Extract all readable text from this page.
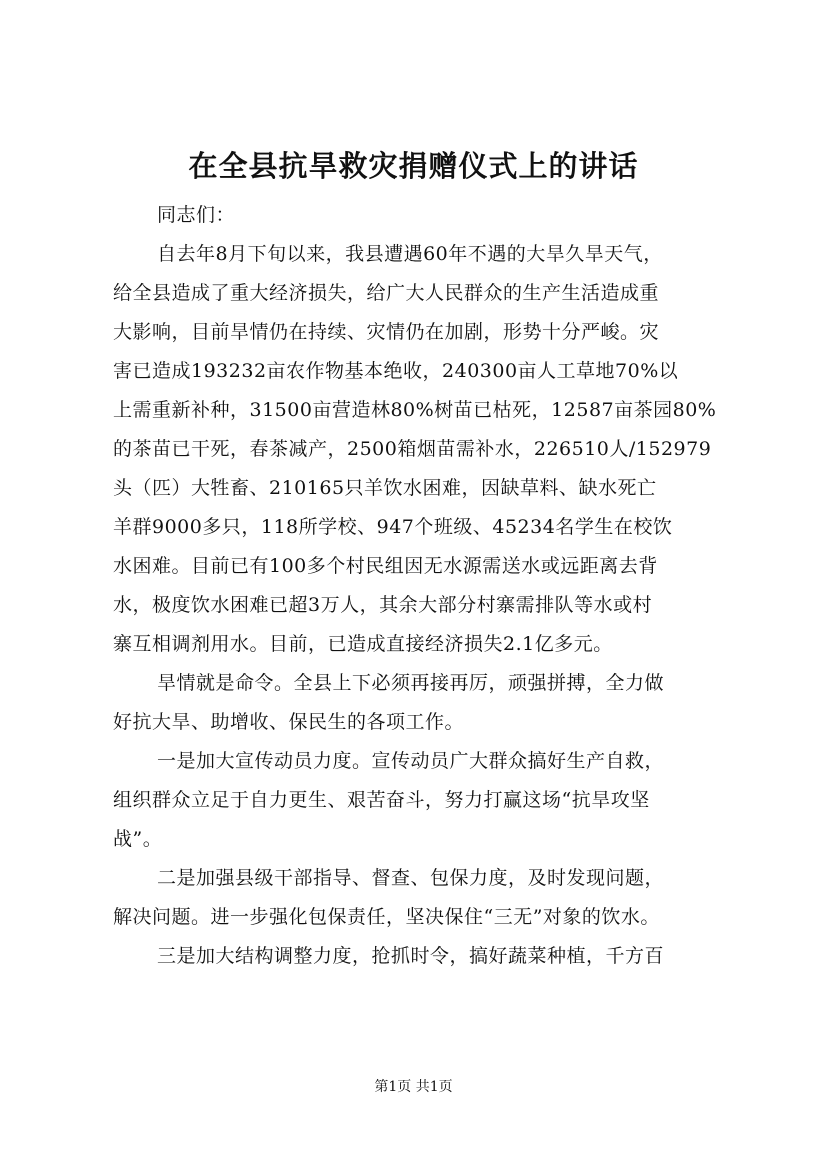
在全县抗旱救灾捐赠仪式上的讲话
同志们：
自去年8月下旬以来，我县遭遇60年不遇的大旱久旱天气，
给全县造成了重大经济损失，给广大人民群众的生产生活造成重
大影响，目前旱情仍在持续、灾情仍在加剧，形势十分严峻。灾
害已造成193232亩农作物基本绝收，240300亩人工草地70%以
上需重新补种，31500亩营造林80%树苗已枯死，12587亩茶园80%
的茶苗已干死，春茶减产，2500箱烟苗需补水，226510人/152979
头（匹）大牲畜、210165只羊饮水困难，因缺草料、缺水死亡
羊群9000多只，118所学校、947个班级、45234名学生在校饮
水困难。目前已有100多个村民组因无水源需送水或远距离去背
水，极度饮水困难已超3万人，其余大部分村寨需排队等水或村
寨互相调剂用水。目前，已造成直接经济损失2.1亿多元。
旱情就是命令。全县上下必须再接再厉，顽强拼搏，全力做
好抗大旱、助增收、保民生的各项工作。
一是加大宣传动员力度。宣传动员广大群众搞好生产自救，
组织群众立足于自力更生、艰苦奋斗，努力打赢这场“抗旱攻坚
战”。
二是加强县级干部指导、督查、包保力度，及时发现问题，
解决问题。进一步强化包保责任，坚决保住“三无”对象的饮水。
三是加大结构调整力度，抢抓时令，搞好蔬菜种植，千方百
第1页 共1页
